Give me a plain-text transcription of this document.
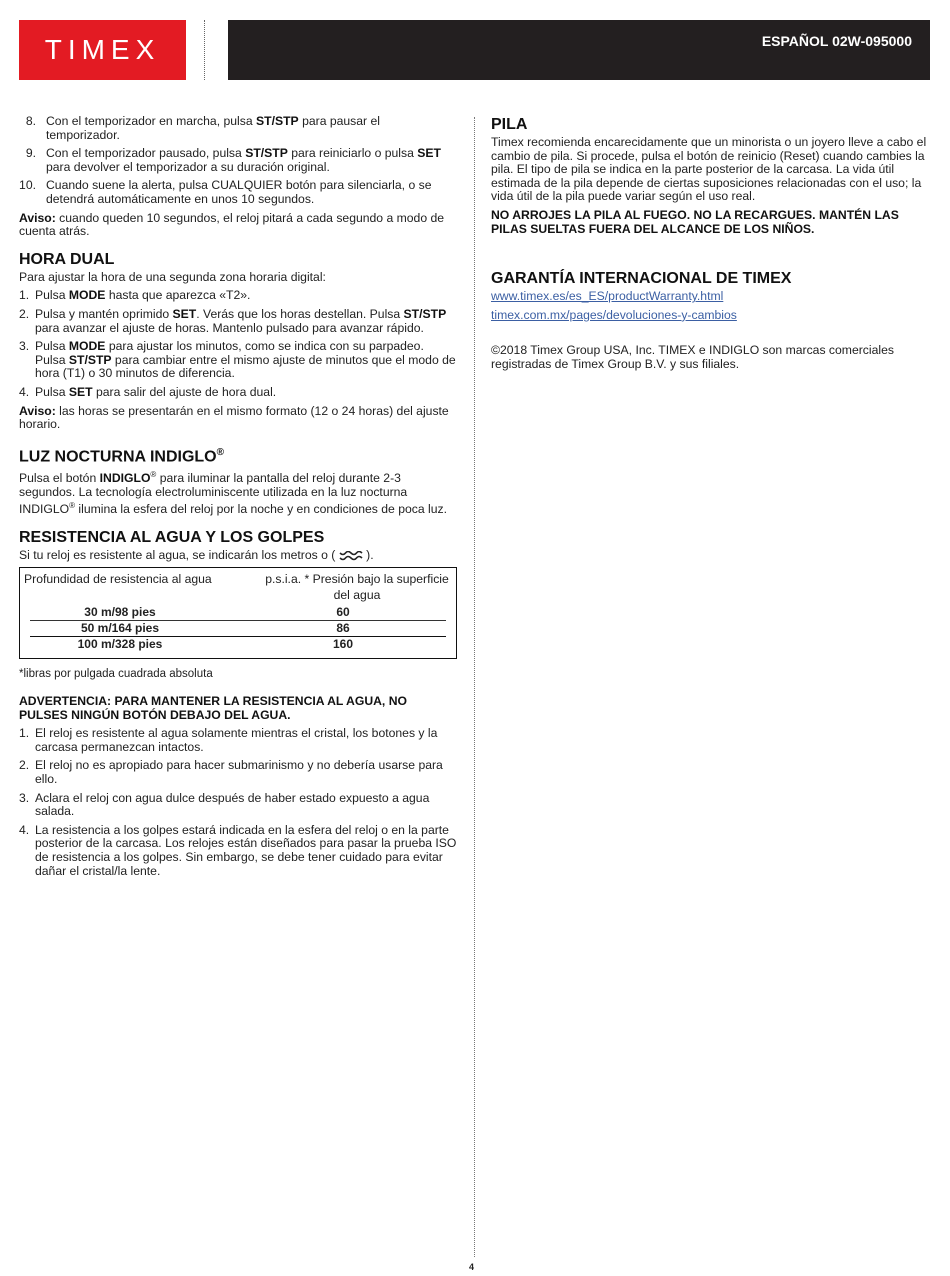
TIMEX	ESPAÑOL 02W-095000
8. Con el temporizador en marcha, pulsa ST/STP para pausar el temporizador.
9. Con el temporizador pausado, pulsa ST/STP para reiniciarlo o pulsa SET para devolver el temporizador a su duración original.
10. Cuando suene la alerta, pulsa CUALQUIER botón para silenciarla, o se detendrá automáticamente en unos 10 segundos.

Aviso: cuando queden 10 segundos, el reloj pitará a cada segundo a modo de cuenta atrás.

HORA DUAL

Para ajustar la hora de una segunda zona horaria digital:

1. Pulsa MODE hasta que aparezca «T2».
2. Pulsa y mantén oprimido SET. Verás que los horas destellan. Pulsa ST/STP para avanzar el ajuste de horas. Mantenlo pulsado para avanzar rápido.
3. Pulsa MODE para ajustar los minutos, como se indica con su parpadeo. Pulsa ST/STP para cambiar entre el mismo ajuste de minutos que el modo de hora (T1) o 30 minutos de diferencia.
4. Pulsa SET para salir del ajuste de hora dual.

Aviso: las horas se presentarán en el mismo formato (12 o 24 horas) del ajuste horario.

LUZ NOCTURNA INDIGLO®

Pulsa el botón INDIGLO® para iluminar la pantalla del reloj durante 2-3 segundos. La tecnología electroluminiscente utilizada en la luz nocturna INDIGLO® ilumina la esfera del reloj por la noche y en condiciones de poca luz.

RESISTENCIA AL AGUA Y LOS GOLPES

Si tu reloj es resistente al agua, se indicarán los metros o (	).

Profundidad de resistencia al agua	p.s.i.a. * Presión bajo la superficie del agua
30 m/98 pies	60
50 m/164 pies	86
100 m/328 pies	160

*libras por pulgada cuadrada absoluta

ADVERTENCIA: PARA MANTENER LA RESISTENCIA AL AGUA, NO PULSES NINGÚN BOTÓN DEBAJO DEL AGUA.

1. El reloj es resistente al agua solamente mientras el cristal, los botones y la carcasa permanezcan intactos.
2. El reloj no es apropiado para hacer submarinismo y no debería usarse para ello.
3. Aclara el reloj con agua dulce después de haber estado expuesto a agua salada.
4. La resistencia a los golpes estará indicada en la esfera del reloj o en la parte posterior de la carcasa. Los relojes están diseñados para pasar la prueba ISO de resistencia a los golpes. Sin embargo, se debe tener cuidado para evitar dañar el cristal/la lente.
PILA

Timex recomienda encarecidamente que un minorista o un joyero lleve a cabo el cambio de pila. Si procede, pulsa el botón de reinicio (Reset) cuando cambies la pila. El tipo de pila se indica en la parte posterior de la carcasa. La vida útil estimada de la pila depende de ciertas suposiciones relacionadas con el uso; la vida útil de la pila puede variar según el uso real.

NO ARROJES LA PILA AL FUEGO. NO LA RECARGUES. MANTÉN LAS PILAS SUELTAS FUERA DEL ALCANCE DE LOS NIÑOS.

GARANTÍA INTERNACIONAL DE TIMEX
www.timex.es/es_ES/productWarranty.html
timex.com.mx/pages/devoluciones-y-cambios

©2018 Timex Group USA, Inc. TIMEX e INDIGLO son marcas comerciales registradas de Timex Group B.V. y sus filiales.

4
